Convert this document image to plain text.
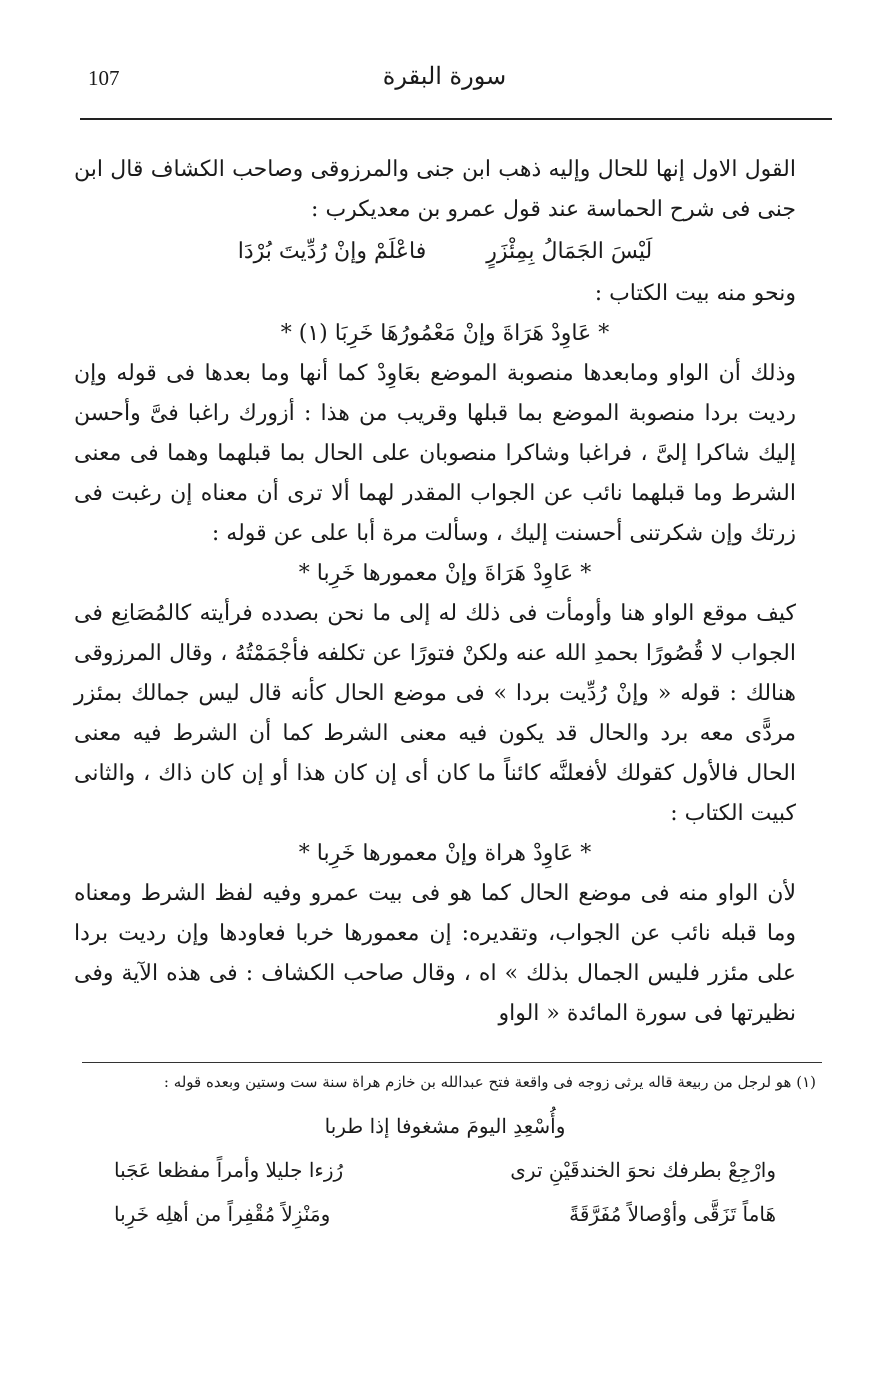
107	سورة البقرة

القول الاول إنها للحال وإليه ذهب ابن جنى والمرزوقى وصاحب الكشاف قال ابن جنى فى شرح الحماسة عند قول عمرو بن معديكرب :

لَيْسَ الجَمَالُ بِمِئْزَرٍ
فاعْلَمْ وإنْ رُدِّيتَ بُرْدَا

ونحو منه بيت الكتاب :

* عَاوِدْ هَرَاةَ وإنْ مَعْمُورُهَا خَرِبَا (١) *

وذلك أن الواو ومابعدها منصوبة الموضع بعَاوِدْ كما أنها وما بعدها فى قوله وإن رديت بردا منصوبة الموضع بما قبلها وقريب من هذا : أزورك راغبا فىَّ وأحسن إليك شاكرا إلىَّ ، فراغبا وشاكرا منصوبان على الحال بما قبلهما وهما فى معنى الشرط وما قبلهما نائب عن الجواب المقدر لهما ألا ترى أن معناه إن رغبت فى زرتك وإن شكرتنى أحسنت إليك ، وسألت مرة أبا على عن قوله :

* عَاوِدْ هَرَاةَ وإنْ معمورها خَرِبا *

كيف موقع الواو هنا وأومأت فى ذلك له إلى ما نحن بصدده فرأيته كالمُصَانِع فى الجواب لا قُصُورًا بحمدِ الله عنه ولكنْ فتورًا عن تكلفه فأجْمَمْتُهُ ، وقال المرزوقى هنالك : قوله « وإنْ رُدِّيت بردا » فى موضع الحال كأنه قال ليس جمالك بمئزر مردًّى معه برد والحال قد يكون فيه معنى الشرط كما أن الشرط فيه معنى الحال فالأول كقولك لأفعلنَّه كائناً ما كان أى إن كان هذا أو إن كان ذاك ، والثانى كبيت الكتاب :

* عَاوِدْ هراة وإنْ معمورها خَرِبا *

لأن الواو منه فى موضع الحال كما هو فى بيت عمرو وفيه لفظ الشرط ومعناه وما قبله نائب عن الجواب، وتقديره: إن معمورها خربا فعاودها وإن رديت بردا على مئزر فليس الجمال بذلك » اه ، وقال صاحب الكشاف : فى هذه الآية وفى نظيرتها فى سورة المائدة « الواو

(١) هو لرجل من ربيعة قاله يرثى زوجه فى واقعة فتح عبدالله بن خازم هراة سنة ست وستين وبعده قوله :

وأُسْعِدِ اليومَ مشغوفا إذا طربا

وارْجِعْ بطرفك نحوَ الخندقَيْنِ ترى
رُزءا جليلا وأمراً مفظعا عَجَبا
هَاماً تَزَقَّى وأوْصالاً مُفَرَّقَةً
ومَنْزِلاً مُقْفِراً من أهلِه خَرِبا
